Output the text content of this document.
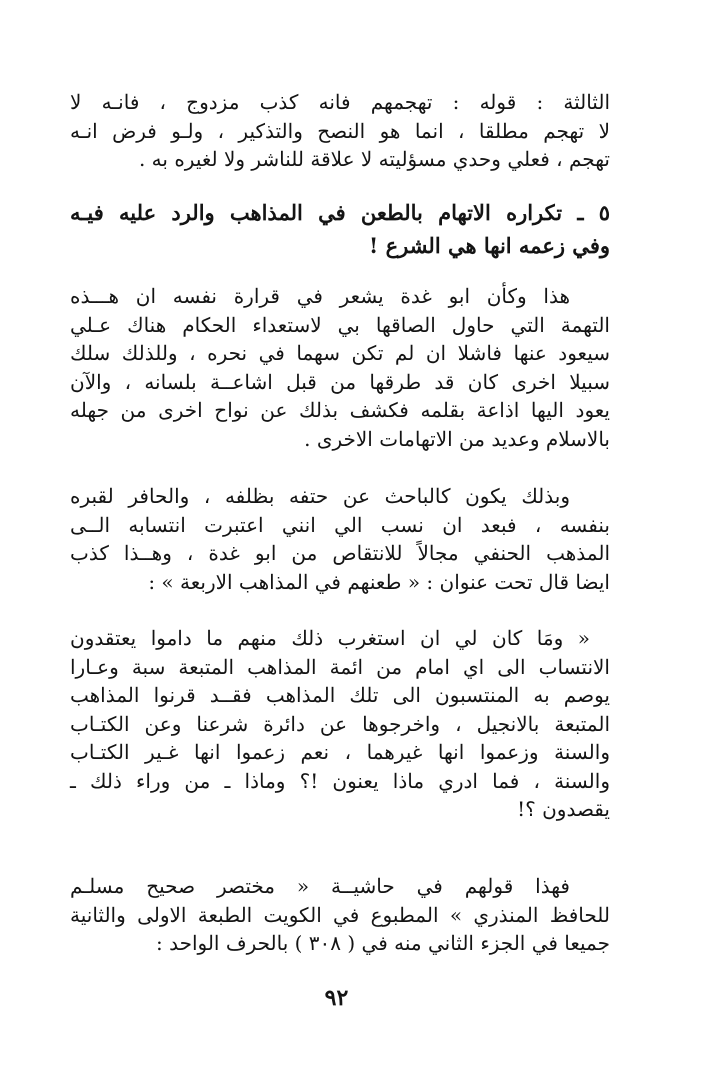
الثالثة : قوله : تهجمهم فانه كذب مزدوج ، فانـه لا
لا تهجم مطلقا ، انما هو النصح والتذكير ، ولـو فرض انـه
تهجم ، فعلي وحدي مسؤليته لا علاقة للناشر ولا لغيره به .
٥ ـ تكراره الاتهام بالطعن في المذاهب والرد عليه فيـه
وفي زعمه انها هي الشرع !
هذا وكأن ابو غدة يشعر في قرارة نفسه ان هـــذه
التهمة التي حاول الصاقها بي لاستعداء الحكام هناك عـلي
سيعود عنها فاشلا ان لم تكن سهما في نحره ، وللذلك سلك
سبيلا اخرى كان قد طرقها من قبل اشاعــة بلسانه ، والآن
يعود اليها اذاعة بقلمه فكشف بذلك عن نواح اخرى من جهله
بالاسلام وعديد من الاتهامات الاخرى .
وبذلك يكون كالباحث عن حتفه بظلفه ، والحافر لقبره
بنفسه ، فبعد ان نسب الي انني اعتبرت انتسابه الــى
المذهب الحنفي مجالاً للانتقاص من ابو غدة ، وهــذا كذب
ايضا قال تحت عنوان : « طعنهم في المذاهب الاربعة » :
« ومَا كان لي ان استغرب ذلك منهم ما داموا يعتقدون
الانتساب الى اي امام من ائمة المذاهب المتبعة سبة وعـارا
يوصم به المنتسبون الى تلك المذاهب فقــد قرنوا المذاهب
المتبعة بالانجيل ، واخرجوها عن دائرة شرعنا وعن الكتـاب
والسنة وزعموا انها غيرهما ، نعم زعموا انها غـير الكتـاب
والسنة ، فما ادري ماذا يعنون !؟ وماذا ـ من وراء ذلك ـ
يقصدون ؟!
فهذا قولهم في حاشيــة « مختصر صحيح مسلـم
للحافظ المنذري » المطبوع في الكويت الطبعة الاولى والثانية
جميعا في الجزء الثاني منه في ( ٣٠٨ ) بالحرف الواحد :
٩٢
